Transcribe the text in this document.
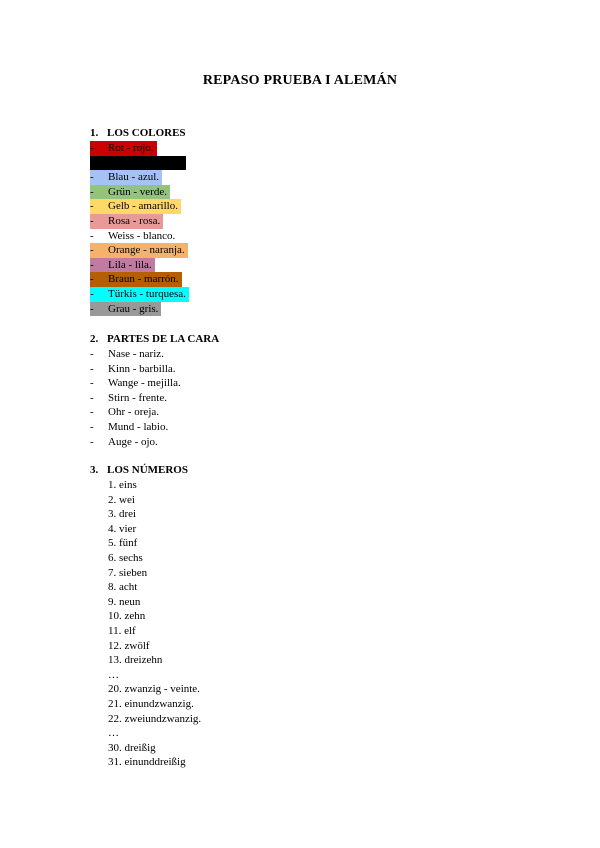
REPASO PRUEBA I ALEMÁN
1. LOS COLORES
- Rot - rojo.
- Schwarz - negro.
- Blau - azul.
- Grün - verde.
- Gelb - amarillo.
- Rosa - rosa.
- Weiss - blanco.
- Orange - naranja.
- Lila - lila.
- Braun - marrón.
- Türkis - turquesa.
- Grau - gris.
2. PARTES DE LA CARA
- Nase - nariz.
- Kinn - barbilla.
- Wange - mejilla.
- Stirn - frente.
- Ohr - oreja.
- Mund - labio.
- Auge - ojo.
3. LOS NÚMEROS
1. eins
2. wei
3. drei
4. vier
5. fünf
6. sechs
7. sieben
8. acht
9. neun
10. zehn
11. elf
12. zwölf
13. dreizehn
…
20. zwanzig - veinte.
21. einundzwanzig.
22. zweiundzwanzig.
…
30. dreißig
31. einunddreißig
